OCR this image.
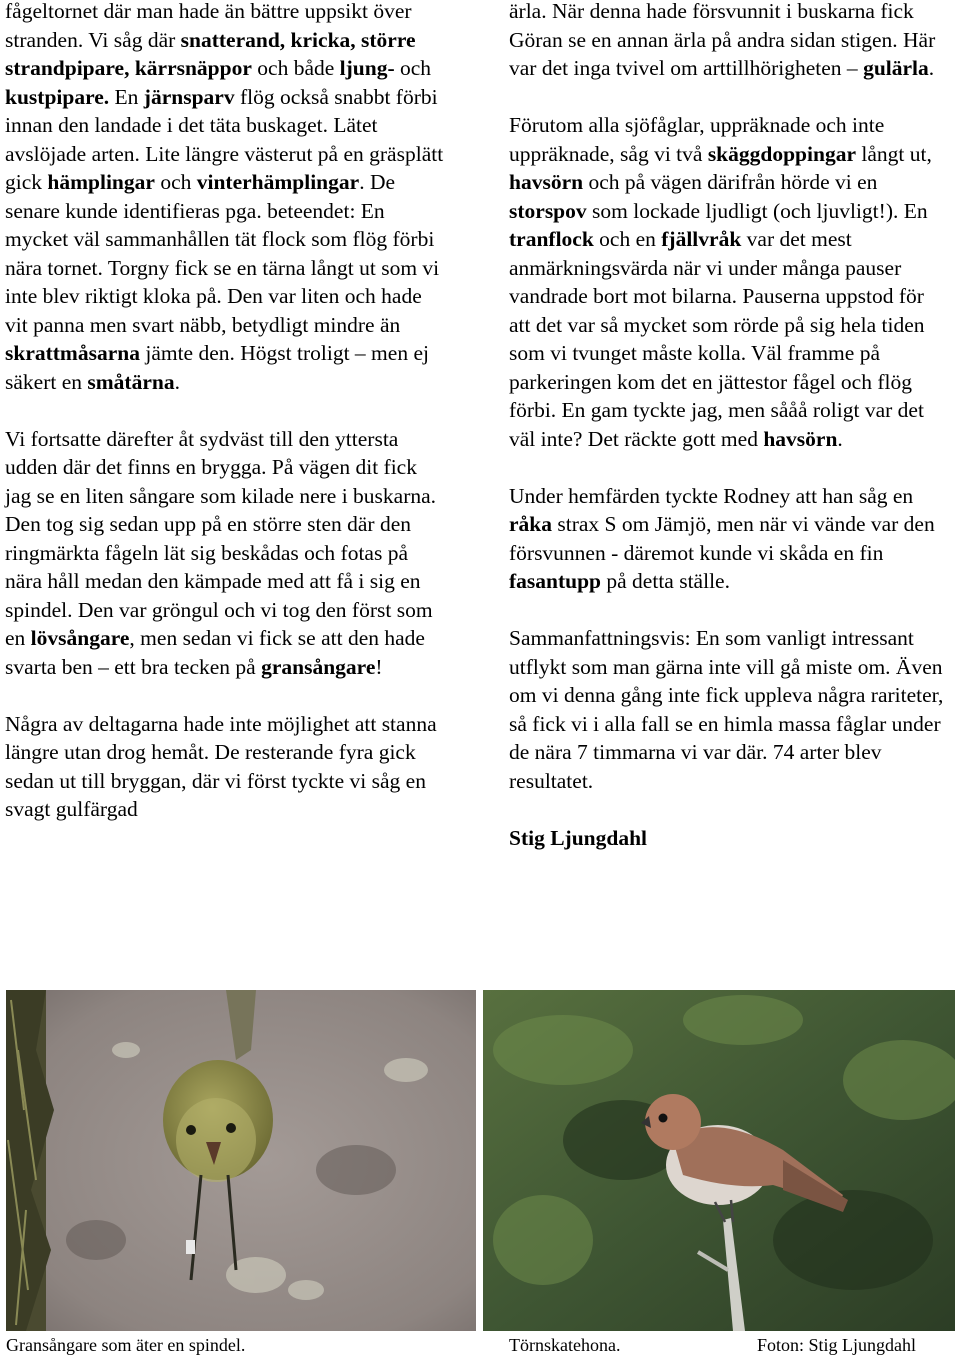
fågeltornet där man hade än bättre uppsikt över stranden. Vi såg där snatterand, kricka, större strandpipare, kärrsnäppor och både ljung- och kustpipare. En järnsparv flög också snabbt förbi innan den landade i det täta buskaget. Lätet avslöjade arten. Lite längre västerut på en gräsplätt gick hämplingar och vinterhämplingar. De senare kunde identifieras pga. beteendet: En mycket väl sammanhållen tät flock som flög förbi nära tornet. Torgny fick se en tärna långt ut som vi inte blev riktigt kloka på. Den var liten och hade vit panna men svart näbb, betydligt mindre än skrattmåsarna jämte den. Högst troligt – men ej säkert en småtärna.

Vi fortsatte därefter åt sydväst till den yttersta udden där det finns en brygga. På vägen dit fick jag se en liten sångare som kilade nere i buskarna. Den tog sig sedan upp på en större sten där den ringmärkta fågeln lät sig beskådas och fotas på nära håll medan den kämpade med att få i sig en spindel. Den var gröngul och vi tog den först som en lövsångare, men sedan vi fick se att den hade svarta ben – ett bra tecken på gransångare!

Några av deltagarna hade inte möjlighet att stanna längre utan drog hemåt. De resterande fyra gick sedan ut till bryggan, där vi först tyckte vi såg en svagt gulfärgad

ärla. När denna hade försvunnit i buskarna fick Göran se en annan ärla på andra sidan stigen. Här var det inga tvivel om arttillhörigheten – gulärla.

Förutom alla sjöfåglar, uppräknade och inte uppräknade, såg vi två skäggdoppingar långt ut, havsörn och på vägen därifrån hörde vi en storspov som lockade ljudligt (och ljuvligt!). En tranflock och en fjällvråk var det mest anmärkningsvärda när vi under många pauser vandrade bort mot bilarna. Pauserna uppstod för att det var så mycket som rörde på sig hela tiden som vi tvunget måste kolla. Väl framme på parkeringen kom det en jättestor fågel och flög förbi. En gam tyckte jag, men sååå roligt var det väl inte? Det räckte gott med havsörn.

Under hemfärden tyckte Rodney att han såg en råka strax S om Jämjö, men när vi vände var den försvunnen - däremot kunde vi skåda en fin fasantupp på detta ställe.

Sammanfattningsvis: En som vanligt intressant utflykt som man gärna inte vill gå miste om. Även om vi denna gång inte fick uppleva några rariteter, så fick vi i alla fall se en himla massa fåglar under de nära 7 timmarna vi var där. 74 arter blev resultatet.

Stig Ljungdahl

Gransångare som äter en spindel.	Törnskatehona.	Foton: Stig Ljungdahl
